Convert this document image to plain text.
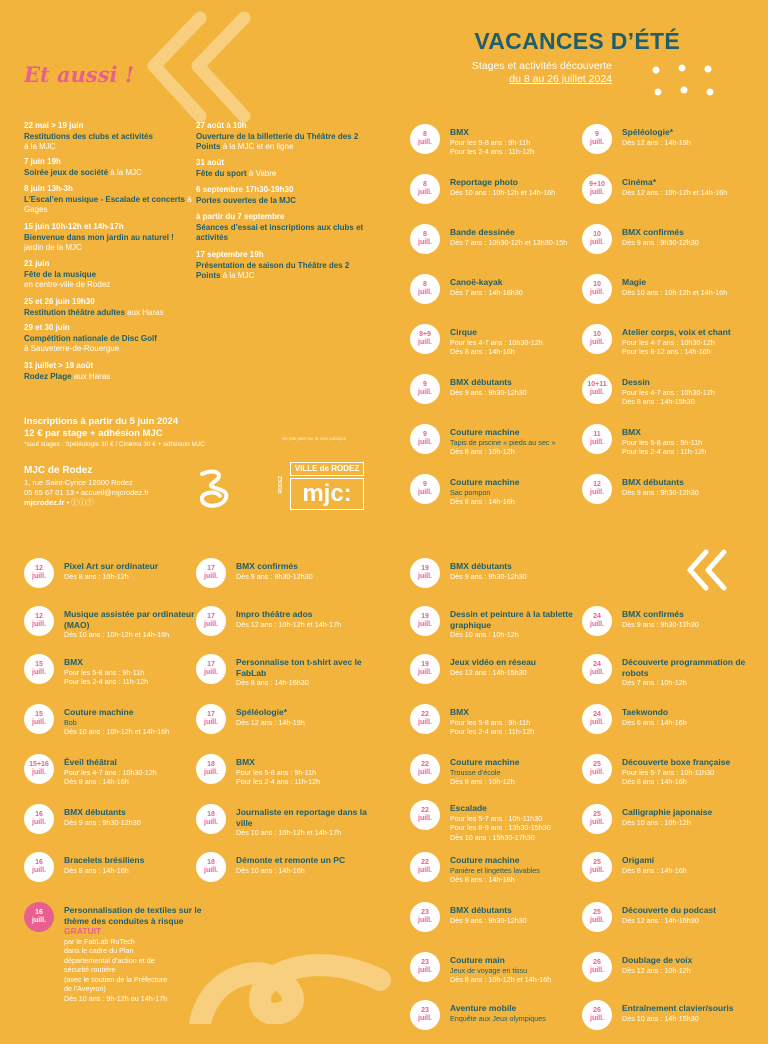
VACANCES D’ÉTÉ
Stages et activités découverte
du 8 au 26 juillet 2024
Et aussi !
22 mai > 19 juin
Restitutions des clubs et activités
à la MJC
7 juin 19h
Soirée jeux de société à la MJC
8 juin 13h-3h
L’Escal’en musique - Escalade et concerts à Gages
15 juin 10h-12h et 14h-17h
Bienvenue dans mon jardin au naturel ! jardin de la MJC
21 juin
Fête de la musique
en centre-ville de Rodez
25 et 26 juin 19h30
Restitution théâtre adultes aux Haras
29 et 30 juin
Compétition nationale de Disc Golf
à Sauveterre-de-Rouergue
31 juillet > 19 août
Rodez Plage aux Haras
27 août à 10h
Ouverture de la billetterie du Théâtre des 2 Points à la MJC et en ligne
31 août
Fête du sport à Vabre
6 septembre 17h30-19h30
Portes ouvertes de la MJC
à partir du 7 septembre
Séances d’essai et inscriptions aux clubs et activités
17 septembre 19h
Présentation de saison du Théâtre des 2 Points à la MJC
Inscriptions à partir du 5 juin 2024
12 € par stage + adhésion MJC
*sauf stages : Spéléologie 30 € / Cinéma 30 € + adhésion MJC
Ne pas jeter sur la voie publique
MJC de Rodez
1, rue Saint-Cyrice 12000 Rodez
05 65 67 01 13 • accueil@mjcrodez.fr
mjcrodez.fr • ⓕⓘⓨ
RODEZ
VILLE de RODEZ
mjc:
8
juill.
BMX
Pour les 5-8 ans : 9h-11h
Pour les 2-4 ans : 11h-12h
8
juill.
Reportage photo
Dès 10 ans : 10h-12h et 14h-16h
8
juill.
Bande dessinée
Dès 7 ans : 10h30-12h et 13h30-15h
8
juill.
Canoë-kayak
Dès 7 ans : 14h-16h30
8+9
juill.
Cirque
Pour les 4-7 ans : 10h30-12h
Dès 8 ans : 14h-16h
9
juill.
BMX débutants
Dès 9 ans : 9h30-12h30
9
juill.
Couture machine
Tapis de piscine « pieds au sec »
Dès 8 ans : 10h-12h
9
juill.
Couture machine
Sac pompon
Dès 8 ans : 14h-16h
9
juill.
Spéléologie*
Dès 12 ans : 14h-19h
9+10
juill.
Cinéma*
Dès 12 ans : 10h-12h et 14h-16h
10
juill.
BMX confirmés
Dès 9 ans : 9h30-12h30
10
juill.
Magie
Dès 10 ans : 10h-12h et 14h-16h
10
juill.
Atelier corps, voix et chant
Pour les 4-7 ans : 10h30-12h
Pour les 8-12 ans : 14h-16h
10+11
juill.
Dessin
Pour les 4-7 ans : 10h30-12h
Dès 8 ans : 14h-15h30
11
juill.
BMX
Pour les 5-8 ans : 9h-11h
Pour les 2-4 ans : 11h-12h
12
juill.
BMX débutants
Dès 9 ans : 9h30-12h30
12
juill.
Pixel Art sur ordinateur
Dès 8 ans : 10h-12h
12
juill.
Musique assistée par ordinateur (MAO)
Dès 10 ans : 10h-12h et 14h-16h
15
juill.
BMX
Pour les 5-8 ans : 9h-11h
Pour les 2-4 ans : 11h-12h
15
juill.
Couture machine
Bob
Dès 10 ans : 10h-12h et 14h-16h
15+16
juill.
Éveil théâtral
Pour les 4-7 ans : 10h30-12h
Dès 8 ans : 14h-16h
16
juill.
BMX débutants
Dès 9 ans : 9h30-12h30
16
juill.
Bracelets brésiliens
Dès 8 ans : 14h-16h
16
juill.
Personnalisation de textiles sur le thème des conduites à risque GRATUIT
par le FabLab RuTech
dans le cadre du Plan
départemental d’action et de
sécurité routière
(avec le soutien de la Préfecture
de l’Aveyron)
Dès 10 ans : 9h-12h ou 14h-17h
17
juill.
BMX confirmés
Dès 9 ans : 9h30-12h30
17
juill.
Impro théâtre ados
Dès 12 ans : 10h-12h et 14h-17h
17
juill.
Personnalise ton t-shirt avec le FabLab
Dès 8 ans : 14h-16h30
17
juill.
Spéléologie*
Dès 12 ans : 14h-19h
18
juill.
BMX
Pour les 5-8 ans : 9h-11h
Pour les 2-4 ans : 11h-12h
18
juill.
Journaliste en reportage dans la ville
Dès 10 ans : 10h-12h et 14h-17h
18
juill.
Démonte et remonte un PC
Dès 10 ans : 14h-16h
19
juill.
BMX débutants
Dès 9 ans : 9h30-12h30
19
juill.
Dessin et peinture à la tablette graphique
Dès 10 ans : 10h-12h
19
juill.
Jeux vidéo en réseau
Dès 12 ans : 14h-15h30
22
juill.
BMX
Pour les 5-8 ans : 9h-11h
Pour les 2-4 ans : 11h-12h
22
juill.
Couture machine
Trousse d’école
Dès 8 ans : 10h-12h
22
juill.
Escalade
Pour les 5-7 ans : 10h-11h30
Pour les 8-9 ans : 13h30-15h30
Dès 10 ans : 15h30-17h30
22
juill.
Couture machine
Panière et lingettes lavables
Dès 8 ans : 14h-16h
23
juill.
BMX débutants
Dès 9 ans : 9h30-12h30
23
juill.
Couture main
Jeux de voyage en tissu
Dès 8 ans : 10h-12h et 14h-16h
23
juill.
Aventure mobile
Enquête aux Jeux olympiques
24
juill.
BMX confirmés
Dès 9 ans : 9h30-12h30
24
juill.
Découverte programmation de robots
Dès 7 ans : 10h-12h
24
juill.
Taekwondo
Dès 6 ans : 14h-16h
25
juill.
Découverte boxe française
Pour les 5-7 ans : 10h-11h30
Dès 8 ans : 14h-16h
25
juill.
Calligraphie japonaise
Dès 10 ans : 10h-12h
25
juill.
Origami
Dès 8 ans : 14h-16h
25
juill.
Découverte du podcast
Dès 12 ans : 14h-16h30
26
juill.
Doublage de voix
Dès 12 ans : 10h-12h
26
juill.
Entraînement clavier/souris
Dès 10 ans : 14h-15h30
